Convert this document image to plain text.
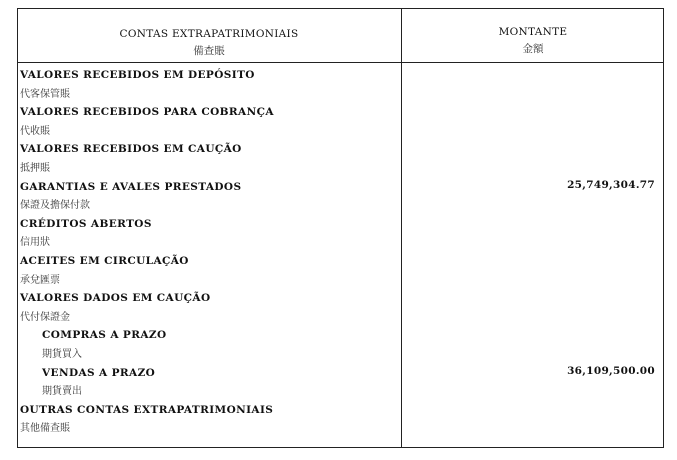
CONTAS EXTRAPATRIMONIAIS
備查賬
MONTANTE
金額
VALORES RECEBIDOS EM DEPÓSITO
代客保管賬
VALORES RECEBIDOS PARA COBRANÇA
代收賬
VALORES RECEBIDOS EM CAUÇÃO
抵押賬
GARANTIAS E AVALES PRESTADOS	25,749,304.77
保證及擔保付款
CRÉDITOS ABERTOS
信用狀
ACEITES EM CIRCULAÇÃO
承兌匯票
VALORES DADOS EM CAUÇÃO
代付保證金
COMPRAS A PRAZO
期貨買入
VENDAS A PRAZO	36,109,500.00
期貨賣出
OUTRAS CONTAS EXTRAPATRIMONIAIS
其他備查賬
